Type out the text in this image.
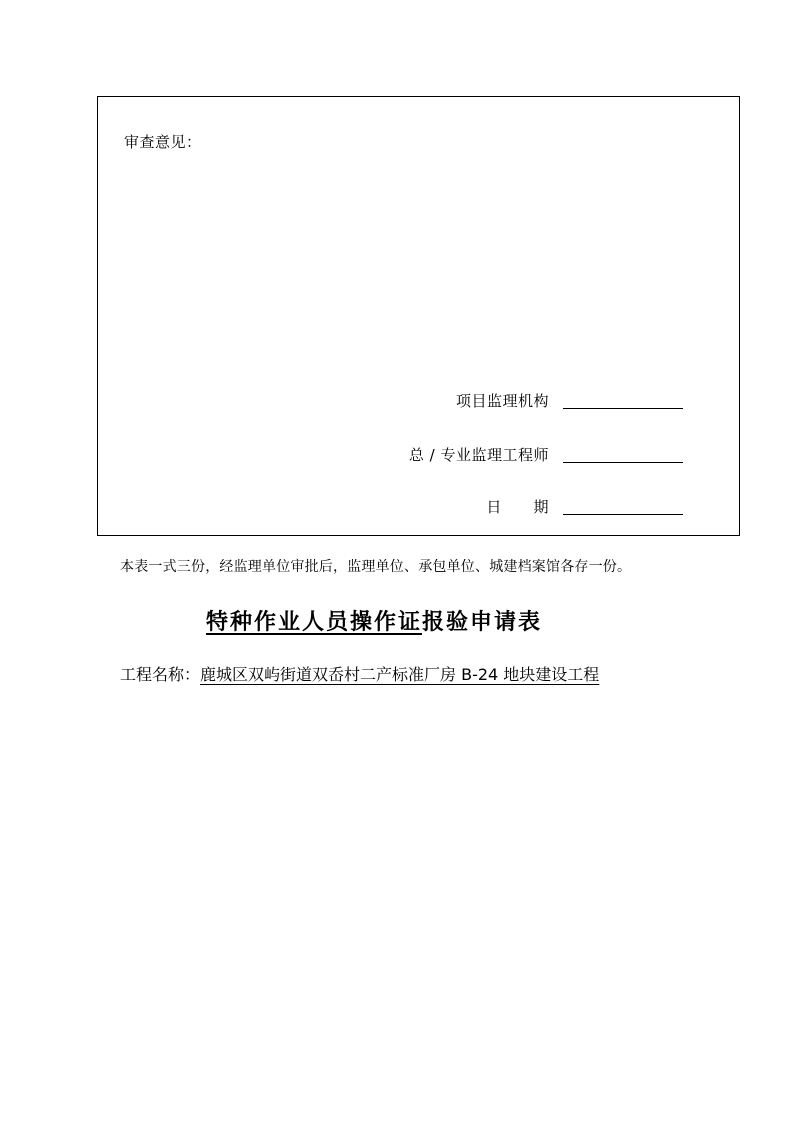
审查意见：
项目监理机构
总 / 专业监理工程师
日      期
本表一式三份，经监理单位审批后，监理单位、承包单位、城建档案馆各存一份。
特种作业人员操作证报验申请表
工程名称：鹿城区双屿街道双岙村二产标准厂房 B-24 地块建设工程
